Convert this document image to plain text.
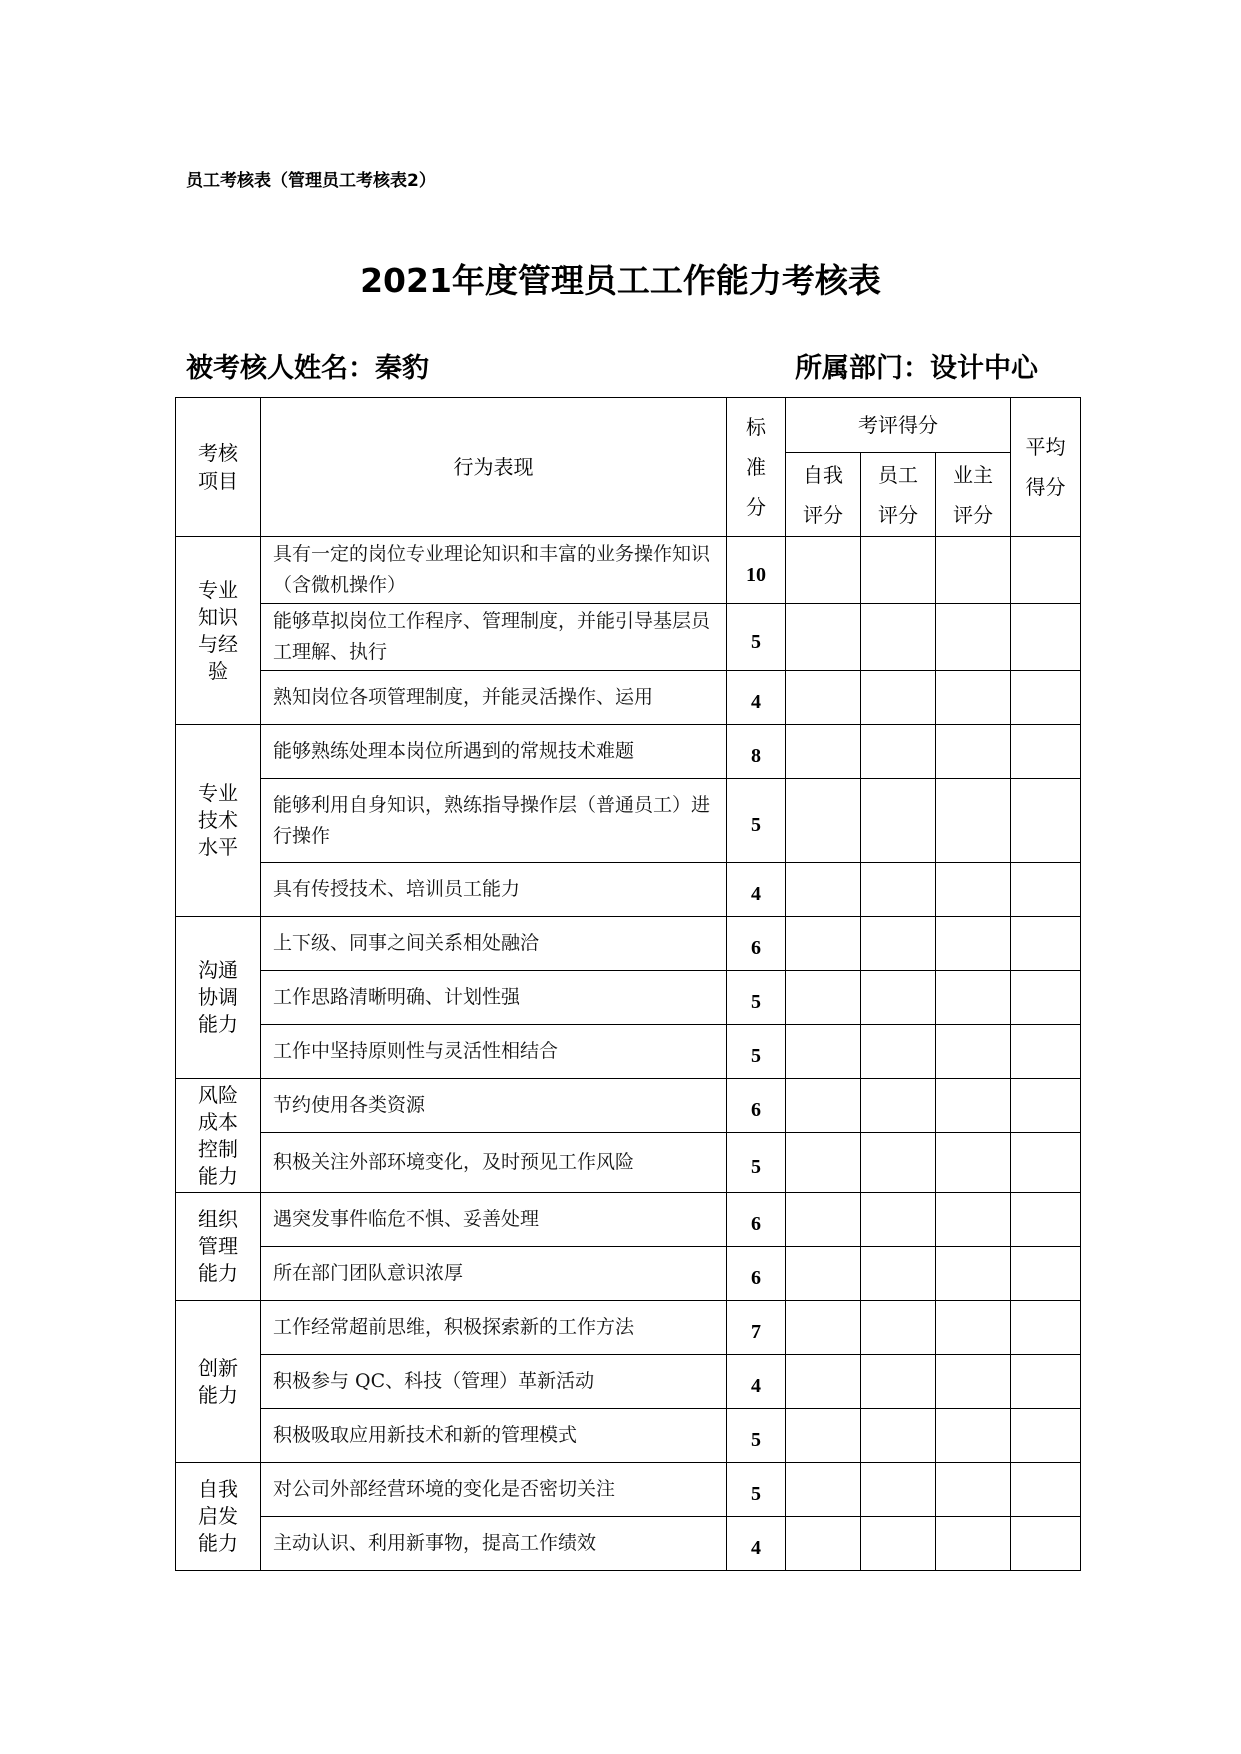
员工考核表（管理员工考核表2）
2021年度管理员工工作能力考核表
被考核人姓名：秦豹	所属部门：设计中心
考核项目	行为表现	标准分	考评得分			平均得分
			自我评分	员工评分	业主评分	
专业知识与经验	具有一定的岗位专业理论知识和丰富的业务操作知识（含微机操作）	10				
	能够草拟岗位工作程序、管理制度，并能引导基层员工理解、执行	5				
	熟知岗位各项管理制度，并能灵活操作、运用	4				
专业技术水平	能够熟练处理本岗位所遇到的常规技术难题	8				
	能够利用自身知识，熟练指导操作层（普通员工）进行操作	5				
	具有传授技术、培训员工能力	4				
沟通协调能力	上下级、同事之间关系相处融洽	6				
	工作思路清晰明确、计划性强	5				
	工作中坚持原则性与灵活性相结合	5				
风险成本控制能力	节约使用各类资源	6				
	积极关注外部环境变化，及时预见工作风险	5				
组织管理能力	遇突发事件临危不惧、妥善处理	6				
	所在部门团队意识浓厚	6				
创新能力	工作经常超前思维，积极探索新的工作方法	7				
	积极参与 QC、科技（管理）革新活动	4				
	积极吸取应用新技术和新的管理模式	5				
自我启发能力	对公司外部经营环境的变化是否密切关注	5				
	主动认识、利用新事物，提高工作绩效	4				
